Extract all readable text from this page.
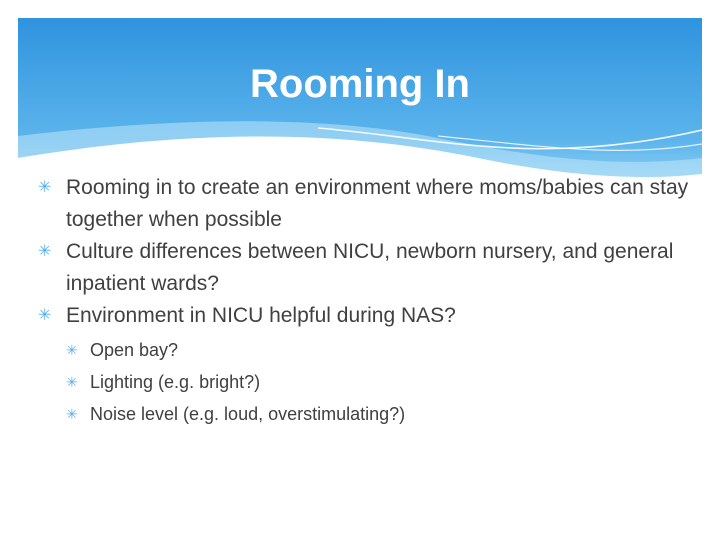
Rooming In
✳ Rooming in to create an environment where moms/babies can stay together when possible
✳ Culture differences between NICU, newborn nursery, and general inpatient wards?
✳ Environment in NICU helpful during NAS?
✳ Open bay?
✳ Lighting (e.g. bright?)
✳ Noise level (e.g. loud, overstimulating?)
